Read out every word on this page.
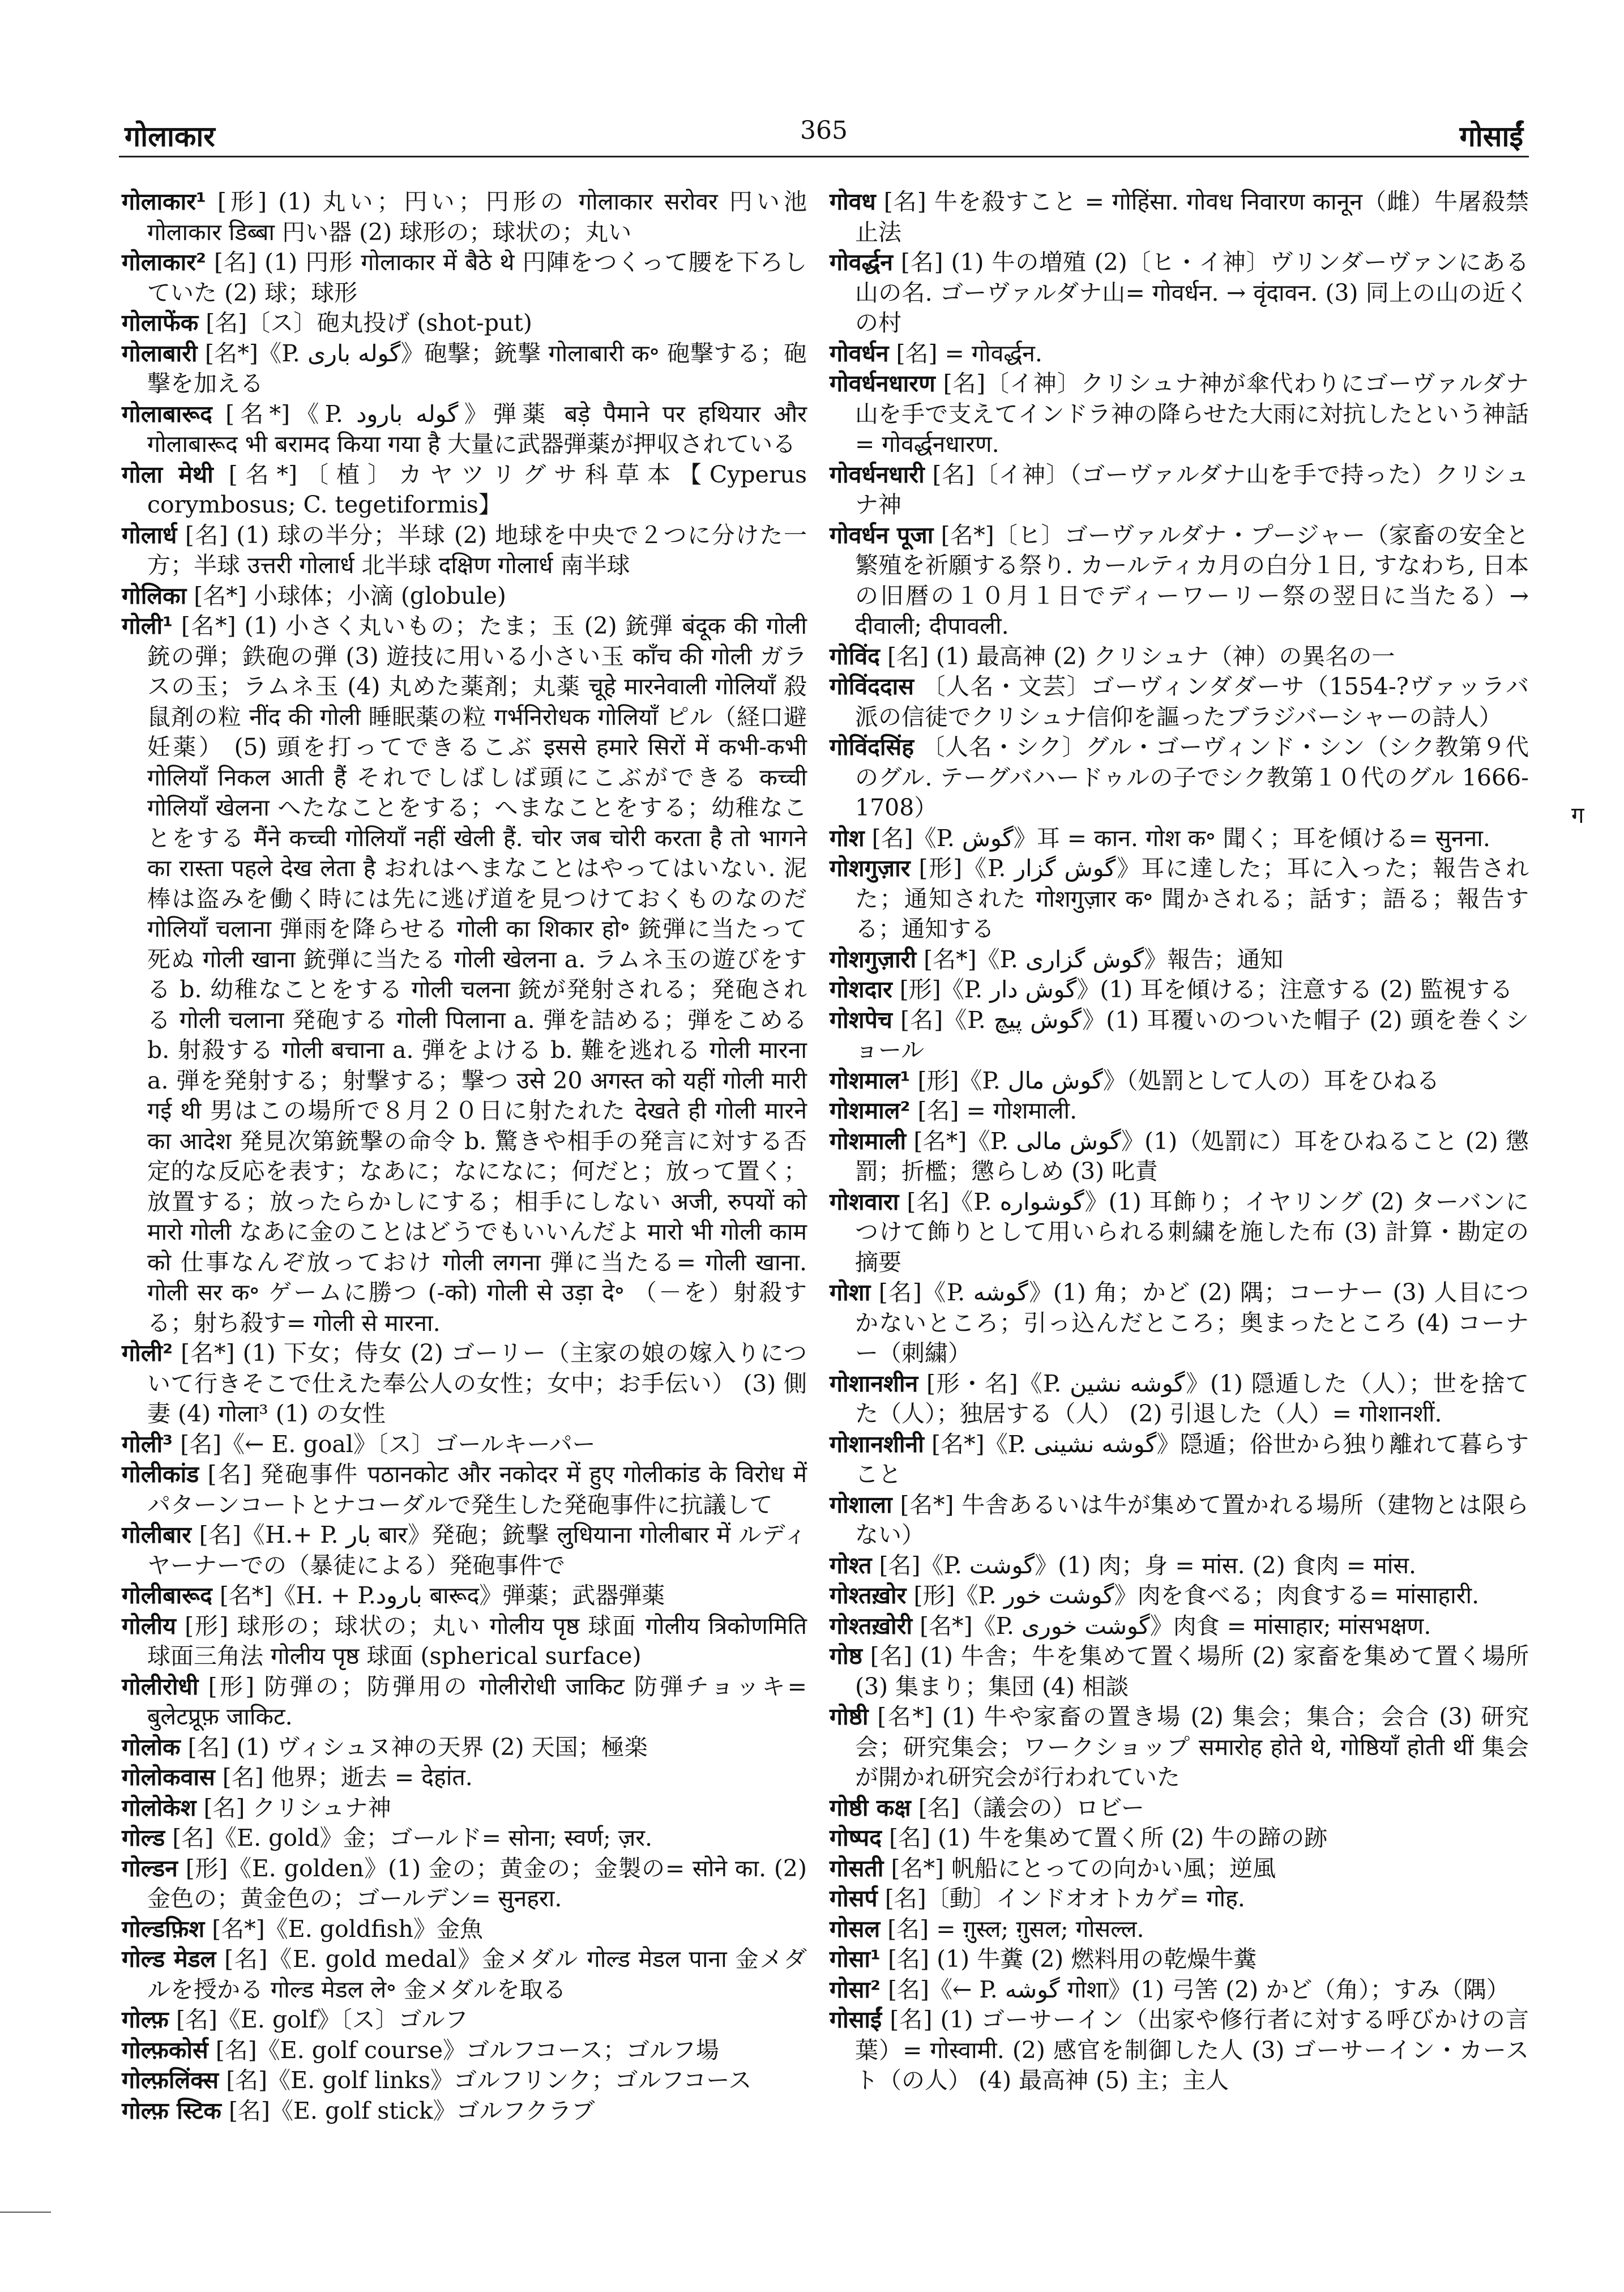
गोलाकार	365	गोसाईं

गोलाकार¹ [形] (1) 丸い；円い；円形の गोलाकार सरोवर 円い池 गोलाकार डिब्बा 円い器 (2) 球形の；球状の；丸い

गोलाकार² [名] (1) 円形 गोलाकार में बैठे थे 円陣をつくって腰を下ろしていた (2) 球；球形

गोलाफेंक [名]〔ス〕砲丸投げ (shot-put)

गोलाबारी [名*]《P. گوله باری》砲撃；銃撃 गोलाबारी क॰ 砲撃する；砲撃を加える

गोलाबारूद [名*]《P. گوله بارود》弾薬 बड़े पैमाने पर हथियार और गोलाबारूद भी बरामद किया गया है 大量に武器弾薬が押収されている

गोला मेथी [名*]〔植〕カヤツリグサ科草本【Cyperus corymbosus; C. tegetiformis】

गोलार्ध [名] (1) 球の半分；半球 (2) 地球を中央で２つに分けた一方；半球 उत्तरी गोलार्ध 北半球 दक्षिण गोलार्ध 南半球

गोलिका [名*] 小球体；小滴 (globule)

गोली¹ [名*] (1) 小さく丸いもの；たま；玉 (2) 銃弾 बंदूक की गोली 銃の弾；鉄砲の弾 (3) 遊技に用いる小さい玉 काँच की गोली ガラスの玉；ラムネ玉 (4) 丸めた薬剤；丸薬 चूहे मारनेवाली गोलियाँ 殺鼠剤の粒 नींद की गोली 睡眠薬の粒 गर्भनिरोधक गोलियाँ ピル（経口避妊薬） (5) 頭を打ってできるこぶ इससे हमारे सिरों में कभी-कभी गोलियाँ निकल आती हैं それでしばしば頭にこぶができる कच्ची गोलियाँ खेलना へたなことをする；へまなことをする；幼稚なことをする मैंने कच्ची गोलियाँ नहीं खेली हैं. चोर जब चोरी करता है तो भागने का रास्ता पहले देख लेता है おれはへまなことはやってはいない. 泥棒は盗みを働く時には先に逃げ道を見つけておくものなのだ गोलियाँ चलाना 弾雨を降らせる गोली का शिकार हो॰ 銃弾に当たって死ぬ गोली खाना 銃弾に当たる गोली खेलना a. ラムネ玉の遊びをする b. 幼稚なことをする गोली चलना 銃が発射される；発砲される गोली चलाना 発砲する गोली पिलाना a. 弾を詰める；弾をこめる b. 射殺する गोली बचाना a. 弾をよける b. 難を逃れる गोली मारना a. 弾を発射する；射撃する；撃つ उसे 20 अगस्त को यहीं गोली मारी गई थी 男はこの場所で８月２０日に射たれた देखते ही गोली मारने का आदेश 発見次第銃撃の命令 b. 驚きや相手の発言に対する否定的な反応を表す；なあに；なになに；何だと；放って置く；放置する；放ったらかしにする；相手にしない अजी, रुपयों को मारो गोली なあに金のことはどうでもいいんだよ मारो भी गोली काम को 仕事なんぞ放っておけ गोली लगना 弾に当たる= गोली खाना. गोली सर क॰ ゲームに勝つ (-को) गोली से उड़ा दे॰ （－を）射殺する；射ち殺す= गोली से मारना.

गोली² [名*] (1) 下女；侍女 (2) ゴーリー（主家の娘の嫁入りについて行きそこで仕えた奉公人の女性；女中；お手伝い） (3) 側妻 (4) गोला³ (1) の女性

गोली³ [名]《← E. goal》〔ス〕ゴールキーパー

गोलीकांड [名] 発砲事件 पठानकोट और नकोदर में हुए गोलीकांड के विरोध में パターンコートとナコーダルで発生した発砲事件に抗議して

गोलीबार [名]《H.+ P. بار बार》発砲；銃撃 लुधियाना गोलीबार में ルディヤーナーでの（暴徒による）発砲事件で

गोलीबारूद [名*]《H. + P.بارود बारूद》弾薬；武器弾薬

गोलीय [形] 球形の；球状の；丸い गोलीय पृष्ठ 球面 गोलीय त्रिकोणमिति 球面三角法 गोलीय पृष्ठ 球面 (spherical surface)

गोलीरोधी [形] 防弾の；防弾用の गोलीरोधी जाकिट 防弾チョッキ= बुलेटप्रूफ़ जाकिट.

गोलोक [名] (1) ヴィシュヌ神の天界 (2) 天国；極楽

गोलोकवास [名] 他界；逝去 = देहांत.

गोलोकेश [名] クリシュナ神

गोल्ड [名]《E. gold》金；ゴールド= सोना; स्वर्ण; ज़र.

गोल्डन [形]《E. golden》(1) 金の；黄金の；金製の= सोने का. (2) 金色の；黄金色の；ゴールデン= सुनहरा.

गोल्डफ़िश [名*]《E. goldfish》金魚

गोल्ड मेडल [名]《E. gold medal》金メダル गोल्ड मेडल पाना 金メダルを授かる गोल्ड मेडल ले॰ 金メダルを取る

गोल्फ़ [名]《E. golf》〔ス〕ゴルフ

गोल्फ़कोर्स [名]《E. golf course》ゴルフコース；ゴルフ場

गोल्फ़लिंक्स [名]《E. golf links》ゴルフリンク；ゴルフコース

गोल्फ़ स्टिक [名]《E. golf stick》ゴルフクラブ

गोवध [名] 牛を殺すこと = गोहिंसा. गोवध निवारण कानून（雌）牛屠殺禁止法

गोवर्द्धन [名] (1) 牛の増殖 (2)〔ヒ・イ神〕ヴリンダーヴァンにある山の名. ゴーヴァルダナ山= गोवर्धन. → वृंदावन. (3) 同上の山の近くの村

गोवर्धन [名] = गोवर्द्धन.

गोवर्धनधारण [名]〔イ神〕クリシュナ神が傘代わりにゴーヴァルダナ山を手で支えてインドラ神の降らせた大雨に対抗したという神話= गोवर्द्धनधारण.

गोवर्धनधारी [名]〔イ神〕（ゴーヴァルダナ山を手で持った）クリシュナ神

गोवर्धन पूजा [名*]〔ヒ〕ゴーヴァルダナ・プージャー（家畜の安全と繁殖を祈願する祭り. カールティカ月の白分１日, すなわち, 日本の旧暦の１０月１日でディーワーリー祭の翌日に当たる）→ दीवाली; दीपावली.

गोविंद [名] (1) 最高神 (2) クリシュナ（神）の異名の一

गोविंददास 〔人名・文芸〕ゴーヴィンダダーサ（1554-?ヴァッラバ派の信徒でクリシュナ信仰を謳ったブラジバーシャーの詩人）

गोविंदसिंह 〔人名・シク〕グル・ゴーヴィンド・シン（シク教第９代のグル. テーグバハードゥルの子でシク教第１０代のグル 1666-1708）

गोश [名]《P. گوش》耳 = कान. गोश क॰ 聞く；耳を傾ける= सुनना.

गोशगुज़ार [形]《P. گوش گزار》耳に達した；耳に入った；報告された；通知された गोशगुज़ार क॰ 聞かされる；話す；語る；報告する；通知する

गोशगुज़ारी [名*]《P. گوش گزاری》報告；通知

गोशदार [形]《P. گوش دار》(1) 耳を傾ける；注意する (2) 監視する

गोशपेच [名]《P. گوش پیچ》(1) 耳覆いのついた帽子 (2) 頭を巻くショール

गोशमाल¹ [形]《P. گوش مال》（処罰として人の）耳をひねる

गोशमाल² [名] = गोशमाली.

गोशमाली [名*]《P. گوش مالی》(1)（処罰に）耳をひねること (2) 懲罰；折檻；懲らしめ (3) 叱責

गोशवारा [名]《P. گوشواره》(1) 耳飾り；イヤリング (2) ターバンにつけて飾りとして用いられる刺繍を施した布 (3) 計算・勘定の摘要

गोशा [名]《P. گوشه》(1) 角；かど (2) 隅；コーナー (3) 人目につかないところ；引っ込んだところ；奥まったところ (4) コーナー（刺繍）

गोशानशीन [形・名]《P. گوشه نشین》(1) 隠遁した（人）；世を捨てた（人）；独居する（人） (2) 引退した（人）= गोशानशीं.

गोशानशीनी [名*]《P. گوشه نشینی》隠遁；俗世から独り離れて暮らすこと

गोशाला [名*] 牛舎あるいは牛が集めて置かれる場所（建物とは限らない）

गोश्त [名]《P. گوشت》(1) 肉；身 = मांस. (2) 食肉 = मांस.

गोश्तख़ोर [形]《P. گوشت خور》肉を食べる；肉食する= मांसाहारी.

गोश्तख़ोरी [名*]《P. گوشت خوری》肉食 = मांसाहार; मांसभक्षण.

गोष्ठ [名] (1) 牛舎；牛を集めて置く場所 (2) 家畜を集めて置く場所 (3) 集まり；集団 (4) 相談

गोष्ठी [名*] (1) 牛や家畜の置き場 (2) 集会；集合；会合 (3) 研究会；研究集会；ワークショップ समारोह होते थे, गोष्ठियाँ होती थीं 集会が開かれ研究会が行われていた

गोष्ठी कक्ष [名]（議会の）ロビー

गोष्पद [名] (1) 牛を集めて置く所 (2) 牛の蹄の跡

गोसती [名*] 帆船にとっての向かい風；逆風

गोसर्प [名]〔動〕インドオオトカゲ= गोह.

गोसल [名] = ग़ुस्ल; ग़ुसल; गोसल्ल.

गोसा¹ [名] (1) 牛糞 (2) 燃料用の乾燥牛糞

गोसा² [名]《← P. گوشه गोशा》(1) 弓筈 (2) かど（角）；すみ（隅）

गोसाईं [名] (1) ゴーサーイン（出家や修行者に対する呼びかけの言葉）= गोस्वामी. (2) 感官を制御した人 (3) ゴーサーイン・カースト（の人） (4) 最高神 (5) 主；主人

ग
